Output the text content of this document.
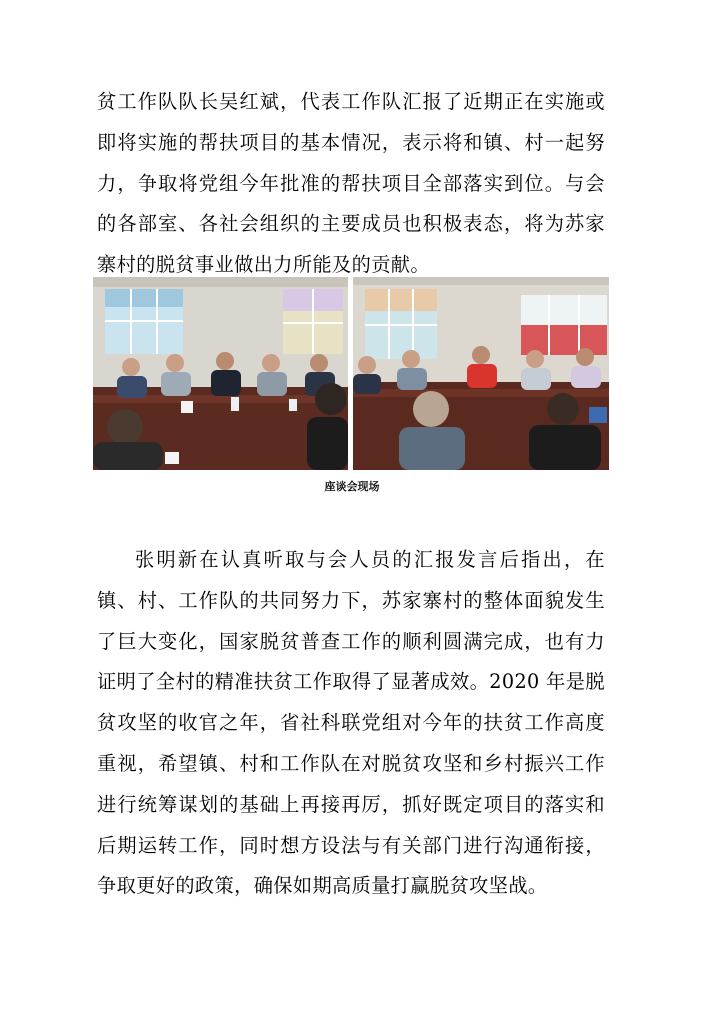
贫工作队队长吴红斌，代表工作队汇报了近期正在实施或即将实施的帮扶项目的基本情况，表示将和镇、村一起努力，争取将党组今年批准的帮扶项目全部落实到位。与会的各部室、各社会组织的主要成员也积极表态，将为苏家寨村的脱贫事业做出力所能及的贡献。

座谈会现场

张明新在认真听取与会人员的汇报发言后指出，在镇、村、工作队的共同努力下，苏家寨村的整体面貌发生了巨大变化，国家脱贫普查工作的顺利圆满完成，也有力证明了全村的精准扶贫工作取得了显著成效。2020 年是脱贫攻坚的收官之年，省社科联党组对今年的扶贫工作高度重视，希望镇、村和工作队在对脱贫攻坚和乡村振兴工作进行统筹谋划的基础上再接再厉，抓好既定项目的落实和后期运转工作，同时想方设法与有关部门进行沟通衔接，争取更好的政策，确保如期高质量打赢脱贫攻坚战。
